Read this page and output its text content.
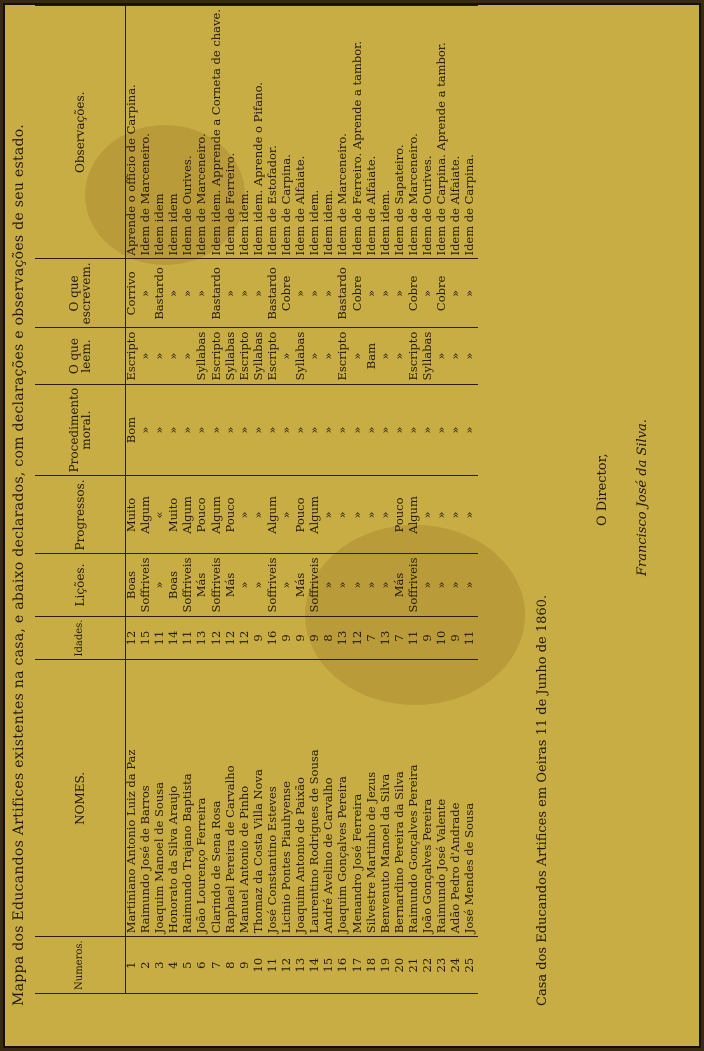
Mappa dos Educandos Artifices existentes na casa, e abaixo declarados, com declarações e observações de seu estado.	Numeros.	NOMES.	Idades.	Lições.	Progressos.	Procedimento moral.	O que leem.	O que escrevem.	Observações.
1	Martiniano Antonio Luiz da Paz	12	Boas	Muito	Bom	Escripto	Corrivo	Aprende o officio de Carpina.
2	Raimundo José de Barros	15	Soffriveis	Algum	»	»	»	Idem de Marceneiro.
3	Joaquim Manoel de Sousa	11	»	«	»	»	Bastardo	Idem idem
4	Honorato da Silva Araujo	14	Boas	Muito	»	»	»	Idem idem
5	Raimundo Trajano Baptista	11	Soffriveis	Algum	»	»	»	Idem de Ourives.
6	João Lourenço Ferreira	13	Más	Pouco	»	Syllabas	»	Idem de Marceneiro.
7	Clarindo de Sena Rosa	12	Soffriveis	Algum	»	Escripto	Bastardo	Idem idem. Apprende a Corneta de chave.
8	Raphael Pereira de Carvalho	12	Más	Pouco	»	Syllabas	»	Idem de Ferreiro.
9	Manuel Antonio de Pinho	12	»	»	»	Escripto	»	Idem idem.
10	Thomaz da Costa Villa Nova	9	»	»	»	Syllabas	»	Idem idem. Aprende o Pifano.
11	José Constantino Esteves	16	Soffriveis	Algum	»	Escripto	Bastardo	Idem de Estofador.
12	Licinio Pontes Piauhyense	9	»	»	»	»	Cobre	Idem de Carpina.
13	Joaquim Antonio de Paixão	9	Más	Pouco	»	Syllabas	»	Idem de Alfaiate.
14	Laurentino Rodrigues de Sousa	9	Soffriveis	Algum	»	»	»	Idem idem.
15	André Avelino de Carvalho	8	»	»	»	»	»	Idem idem.
16	Joaquim Gonçalves Pereira	13	»	»	»	Escripto	Bastardo	Idem de Marceneiro.
17	Menandro José Ferreira	12	»	»	»	»	Cobre	Idem de Ferreiro. Aprende a tambor.
18	Silvestre Martinho de Jezus	7	»	»	»	Bam	»	Idem de Alfaiate.
19	Benvenuto Manoel da Silva	13	»	»	»	»	»	Idem idem.
20	Bernardino Pereira da Silva	7	Más	Pouco	»	»	»	Idem de Sapateiro.
21	Raimundo Gonçalves Pereira	11	Soffriveis	Algum	»	Escripto	Cobre	Idem de Marceneiro.
22	João Gonçalves Pereira	9	»	»	»	Syllabas	»	Idem de Ourives.
23	Raimundo José Valente	10	»	»	»	»	Cobre	Idem de Carpina. Aprende a tambor.
24	Adão Pedro d'Andrade	9	»	»	»	»	»	Idem de Alfaiate.
25	José Mendes de Sousa	11	»	»	»	»	»	Idem de Carpina.
Casa dos Educandos Artifices em Oeiras 11 de Junho de 1860.
O Director, Francisco José da Silva.
